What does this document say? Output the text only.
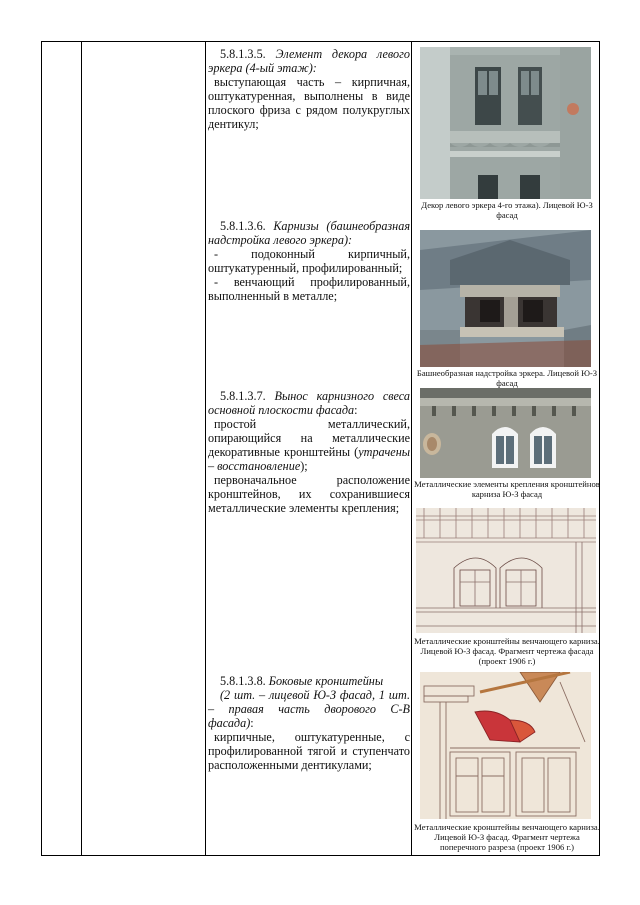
5.8.1.3.5. Элемент декора левого эркера (4-ый этаж):

выступающая часть – кирпичная, оштукатуренная, выполнены в виде плоского фриза с рядом полукруглых дентикул;

5.8.1.3.6. Карнизы (башнеобразная надстройка левого эркера):

- подоконный кирпичный, оштукатуренный, профилированный;

- венчающий профилированный, выполненный в металле;

5.8.1.3.7. Вынос карнизного свеса основной плоскости фасада:

простой металлический, опирающийся на металлические декоративные кронштейны (утрачены – восстановление);

первоначальное расположение кронштейнов, их сохранившиеся металлические элементы крепления;

5.8.1.3.8. Боковые кронштейны

(2 шт. – лицевой Ю-З фасад, 1 шт. – правая часть дворового С-В фасада):

кирпичные, оштукатуренные, с профилированной тягой и ступенчато расположенными дентикулами;

Декор левого эркера 4-го этажа). Лицевой Ю-З фасад
Башнеобразная надстройка эркера. Лицевой Ю-З фасад
Металлические элементы крепления кронштейнов карниза Ю-З фасад
Металлические кронштейны венчающего карниза. Лицевой Ю-З фасад. Фрагмент чертежа фасада (проект 1906 г.)
Металлические кронштейны венчающего карниза. Лицевой Ю-З фасад. Фрагмент чертежа поперечного разреза (проект 1906 г.)
